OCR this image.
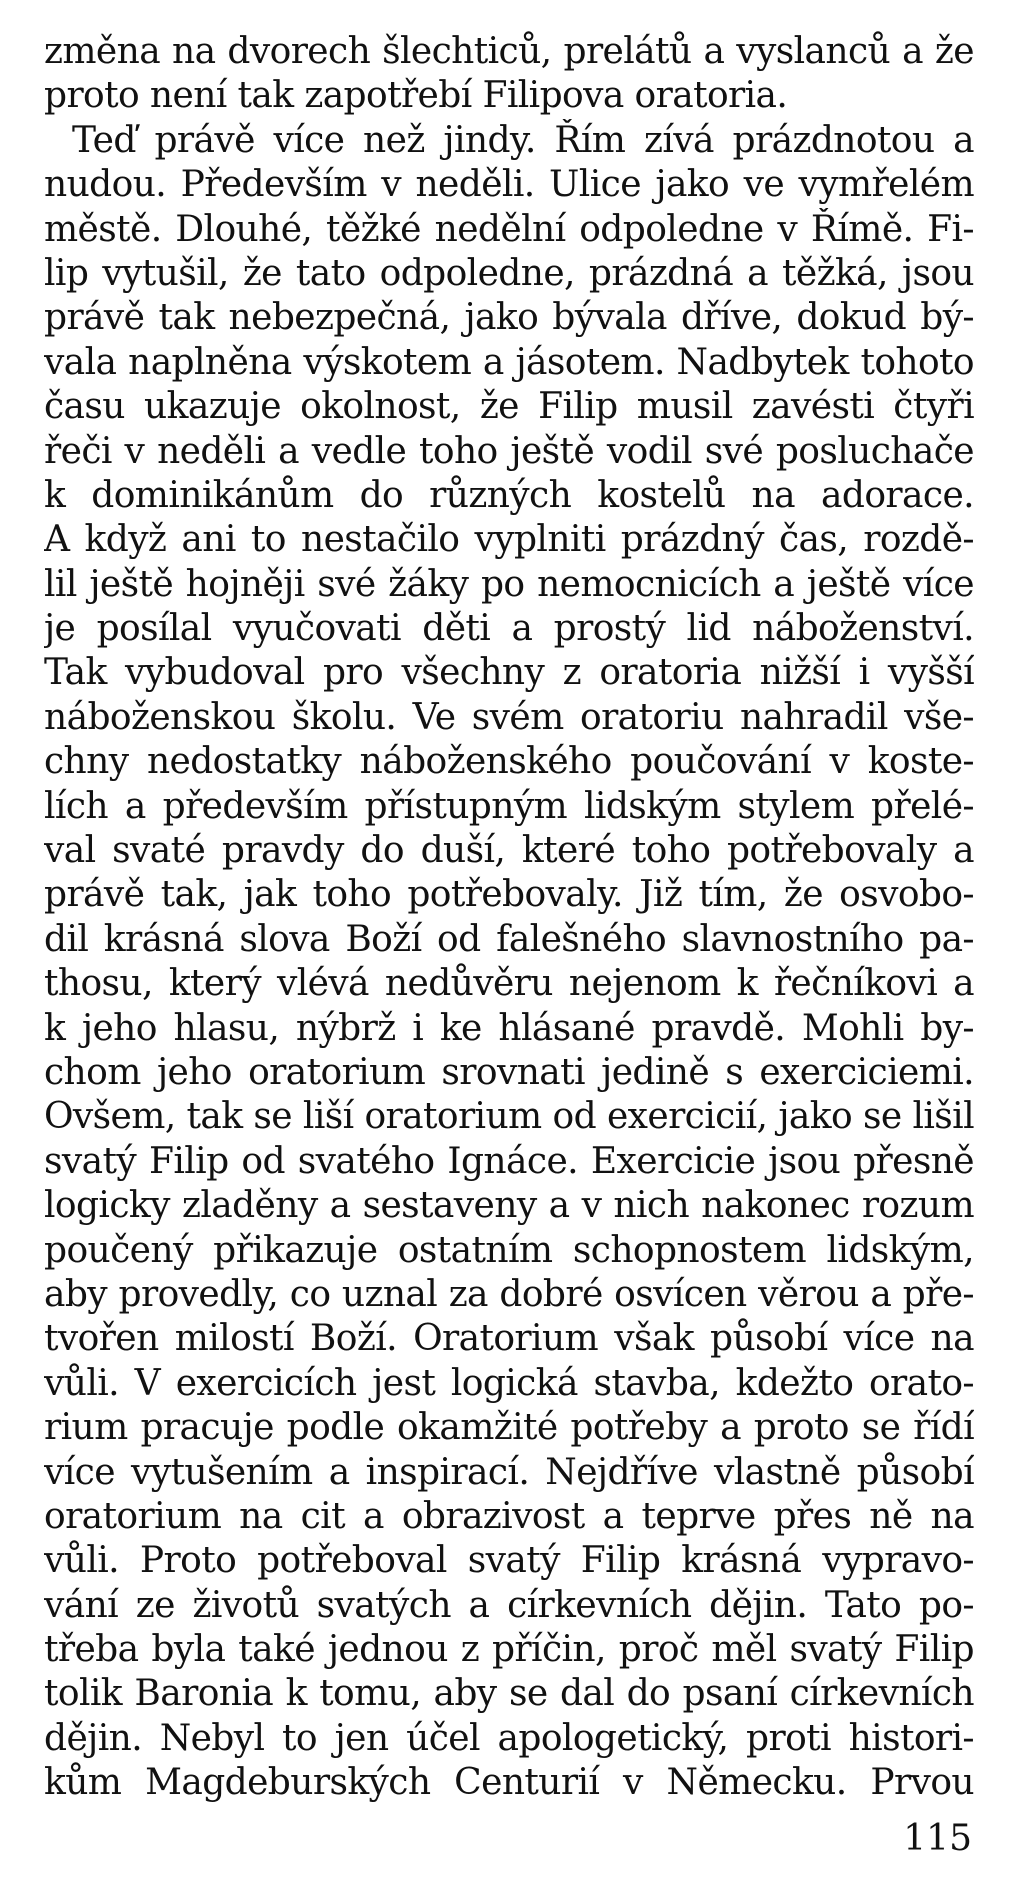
změna na dvorech šlechticů, prelátů a vyslanců a že
proto není tak zapotřebí Filipova oratoria.
Teď právě více než jindy. Řím zívá prázdnotou a
nudou. Především v neděli. Ulice jako ve vymřelém
městě. Dlouhé, těžké nedělní odpoledne v Římě. Fi-
lip vytušil, že tato odpoledne, prázdná a těžká, jsou
právě tak nebezpečná, jako bývala dříve, dokud bý-
vala naplněna výskotem a jásotem. Nadbytek tohoto
času ukazuje okolnost, že Filip musil zavésti čtyři
řeči v neděli a vedle toho ještě vodil své posluchače
k dominikánům do různých kostelů na adorace.
A když ani to nestačilo vyplniti prázdný čas, rozdě-
lil ještě hojněji své žáky po nemocnicích a ještě více
je posílal vyučovati děti a prostý lid náboženství.
Tak vybudoval pro všechny z oratoria nižší i vyšší
náboženskou školu. Ve svém oratoriu nahradil vše-
chny nedostatky náboženského poučování v koste-
lích a především přístupným lidským stylem přelé-
val svaté pravdy do duší, které toho potřebovaly a
právě tak, jak toho potřebovaly. Již tím, že osvobo-
dil krásná slova Boží od falešného slavnostního pa-
thosu, který vlévá nedůvěru nejenom k řečníkovi a
k jeho hlasu, nýbrž i ke hlásané pravdě. Mohli by-
chom jeho oratorium srovnati jedině s exerciciemi.
Ovšem, tak se liší oratorium od exercicií, jako se lišil
svatý Filip od svatého Ignáce. Exercicie jsou přesně
logicky zladěny a sestaveny a v nich nakonec rozum
poučený přikazuje ostatním schopnostem lidským,
aby provedly, co uznal za dobré osvícen věrou a pře-
tvořen milostí Boží. Oratorium však působí více na
vůli. V exercicích jest logická stavba, kdežto orato-
rium pracuje podle okamžité potřeby a proto se řídí
více vytušením a inspirací. Nejdříve vlastně působí
oratorium na cit a obrazivost a teprve přes ně na
vůli. Proto potřeboval svatý Filip krásná vypravo-
vání ze životů svatých a církevních dějin. Tato po-
třeba byla také jednou z příčin, proč měl svatý Filip
tolik Baronia k tomu, aby se dal do psaní církevních
dějin. Nebyl to jen účel apologetický, proti histori-
kům Magdeburských Centurií v Německu. Prvou
115
